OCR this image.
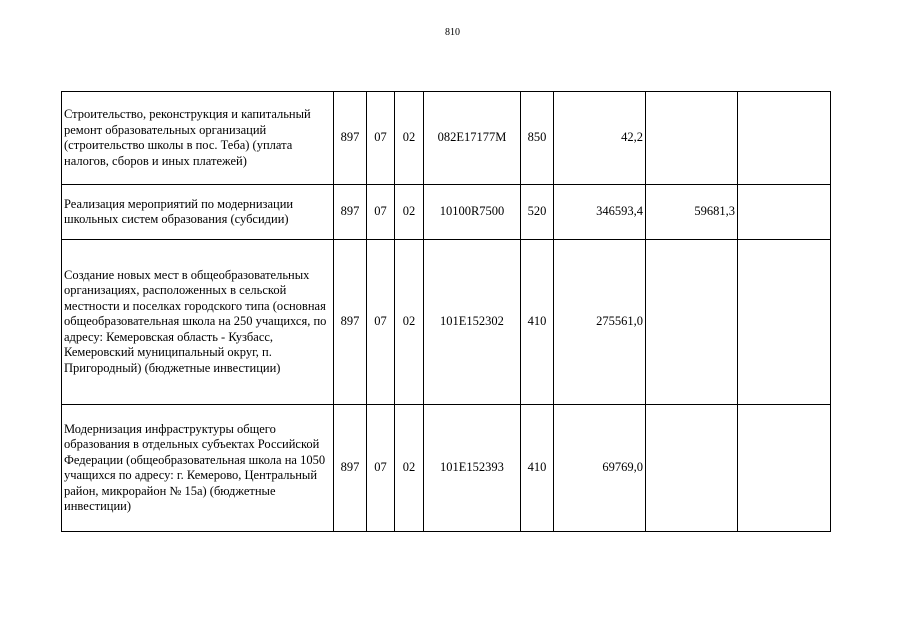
810
Строительство, реконструкция и капитальный ремонт образовательных организаций (строительство школы в пос. Теба) (уплата налогов, сборов и иных платежей)	897	07	02	082E17177M	850	42,2		
Реализация мероприятий по модернизации школьных систем образования (субсидии)	897	07	02	10100R7500	520	346593,4	59681,3	
Создание новых мест в общеобразовательных организациях, расположенных в сельской местности и поселках городского типа (основная общеобразовательная школа на 250 учащихся, по адресу: Кемеровская область - Кузбасс, Кемеровский муниципальный округ, п. Пригородный) (бюджетные инвестиции)	897	07	02	101E152302	410	275561,0		
Модернизация инфраструктуры общего образования в отдельных субъектах Российской Федерации (общеобразовательная школа на 1050 учащихся по адресу: г. Кемерово, Центральный район, микрорайон № 15а) (бюджетные инвестиции)	897	07	02	101E152393	410	69769,0		
